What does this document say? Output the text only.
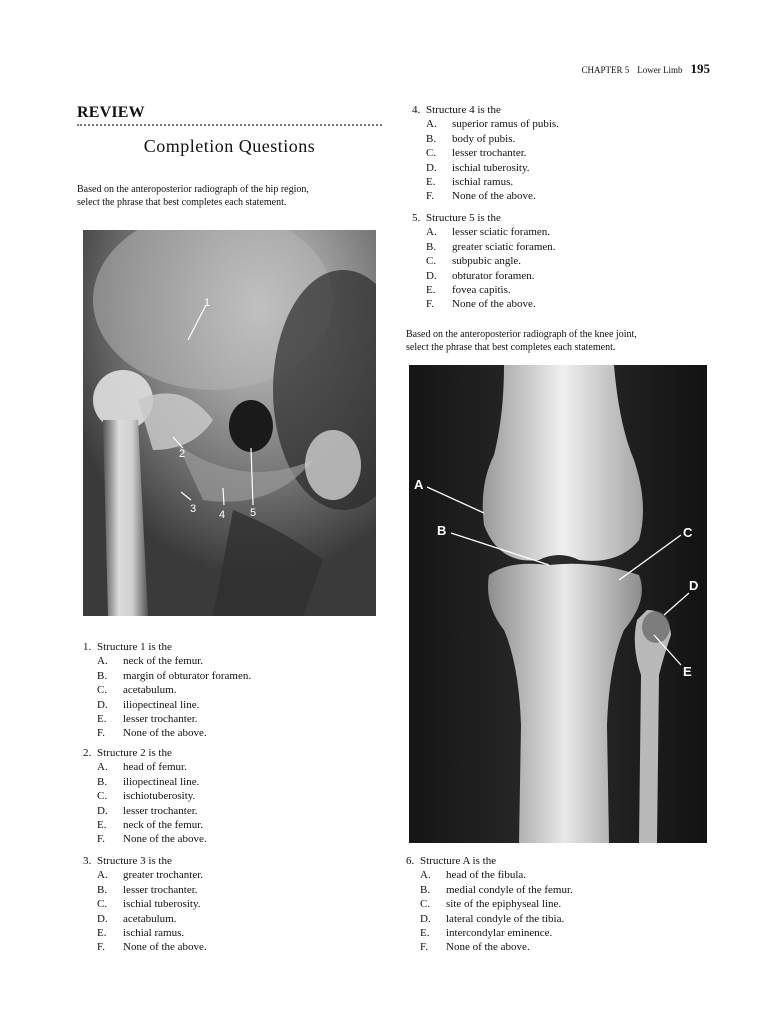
CHAPTER 5 Lower Limb 195
REVIEW
Completion Questions
Based on the anteroposterior radiograph of the hip region,
select the phrase that best completes each statement.
1
2
3 4 5
1. Structure 1 is the
A.	neck of the femur.
B.	margin of obturator foramen.
C.	acetabulum.
D.	iliopectineal line.
E.	lesser trochanter.
F.	None of the above.
2. Structure 2 is the
A.	head of femur.
B.	iliopectineal line.
C.	ischiotuberosity.
D.	lesser trochanter.
E.	neck of the femur.
F.	None of the above.
3. Structure 3 is the
A.	greater trochanter.
B.	lesser trochanter.
C.	ischial tuberosity.
D.	acetabulum.
E.	ischial ramus.
F.	None of the above.
4. Structure 4 is the
A.	superior ramus of pubis.
B.	body of pubis.
C.	lesser trochanter.
D.	ischial tuberosity.
E.	ischial ramus.
F.	None of the above.
5. Structure 5 is the
A.	lesser sciatic foramen.
B.	greater sciatic foramen.
C.	subpubic angle.
D.	obturator foramen.
E.	fovea capitis.
F.	None of the above.
Based on the anteroposterior radiograph of the knee joint,
select the phrase that best completes each statement.
A
B	C
D
E
6. Structure A is the
A.	head of the fibula.
B.	medial condyle of the femur.
C.	site of the epiphyseal line.
D.	lateral condyle of the tibia.
E.	intercondylar eminence.
F.	None of the above.
